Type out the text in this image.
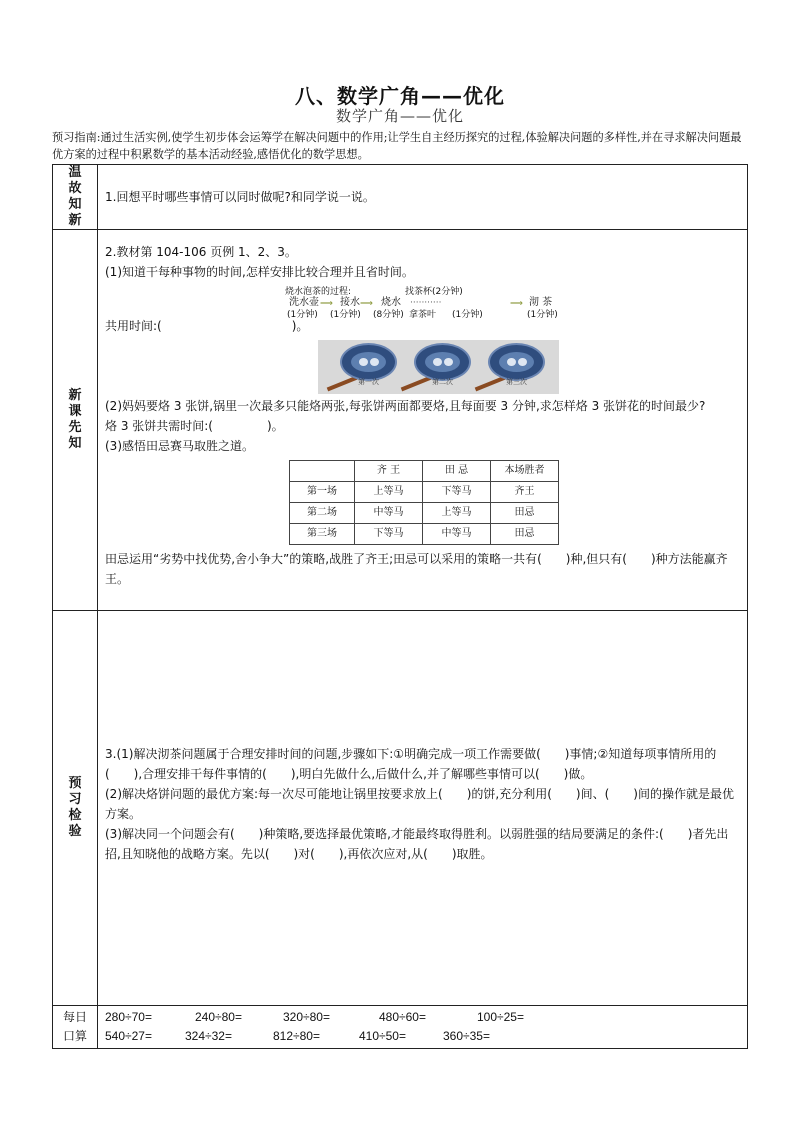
八、数学广角——优化
数学广角——优化
预习指南:通过生活实例,使学生初步体会运筹学在解决问题中的作用;让学生自主经历探究的过程,体验解决问题的多样性,并在寻求解决问题最优方案的过程中积累数学的基本活动经验,感悟优化的数学思想。
温
故
知
新

1.回想平时哪些事情可以同时做呢?和同学说一说。

新
课
先
知

2.教材第 104-106 页例 1、2、3。
(1)知道干每种事物的时间,怎样安排比较合理并且省时间。
烧水泡茶的过程:	找茶杯(2分钟)
洗水壶 ⟹ 接水 ⟹ 烧水 ···········	⟹ 沏 茶
(1分钟) (1分钟) (8分钟) 拿茶叶 (1分钟)	(1分钟)
共用时间:(	)。
第一次	第二次	第三次
(2)妈妈要烙 3 张饼,锅里一次最多只能烙两张,每张饼两面都要烙,且每面要 3 分钟,求怎样烙 3 张饼花的时间最少?
烙 3 张饼共需时间:(	)。
(3)感悟田忌赛马取胜之道。
	齐 王	田 忌	本场胜者
第一场	上等马	下等马	齐王
第二场	中等马	上等马	田忌
第三场	下等马	中等马	田忌
田忌运用“劣势中找优势,舍小争大”的策略,战胜了齐王;田忌可以采用的策略一共有(　　)种,但只有(　　)种方法能赢齐王。

预
习
检
验

3.(1)解决沏茶问题属于合理安排时间的问题,步骤如下:①明确完成一项工作需要做(　　)事情;②知道每项事情所用的(　　),合理安排干每件事情的(　　),明白先做什么,后做什么,并了解哪些事情可以(　　)做。
(2)解决烙饼问题的最优方案:每一次尽可能地让锅里按要求放上(　　)的饼,充分利用(　　)间、(　　)间的操作就是最优方案。
(3)解决同一个问题会有(　　)种策略,要选择最优策略,才能最终取得胜利。以弱胜强的结局要满足的条件:(　　)者先出招,且知晓他的战略方案。先以(　　)对(　　),再依次应对,从(　　)取胜。

每日
口算

280÷70=	240÷80=	320÷80=	480÷60=	100÷25=
540÷27=	324÷32=	812÷80=	410÷50=	360÷35=
